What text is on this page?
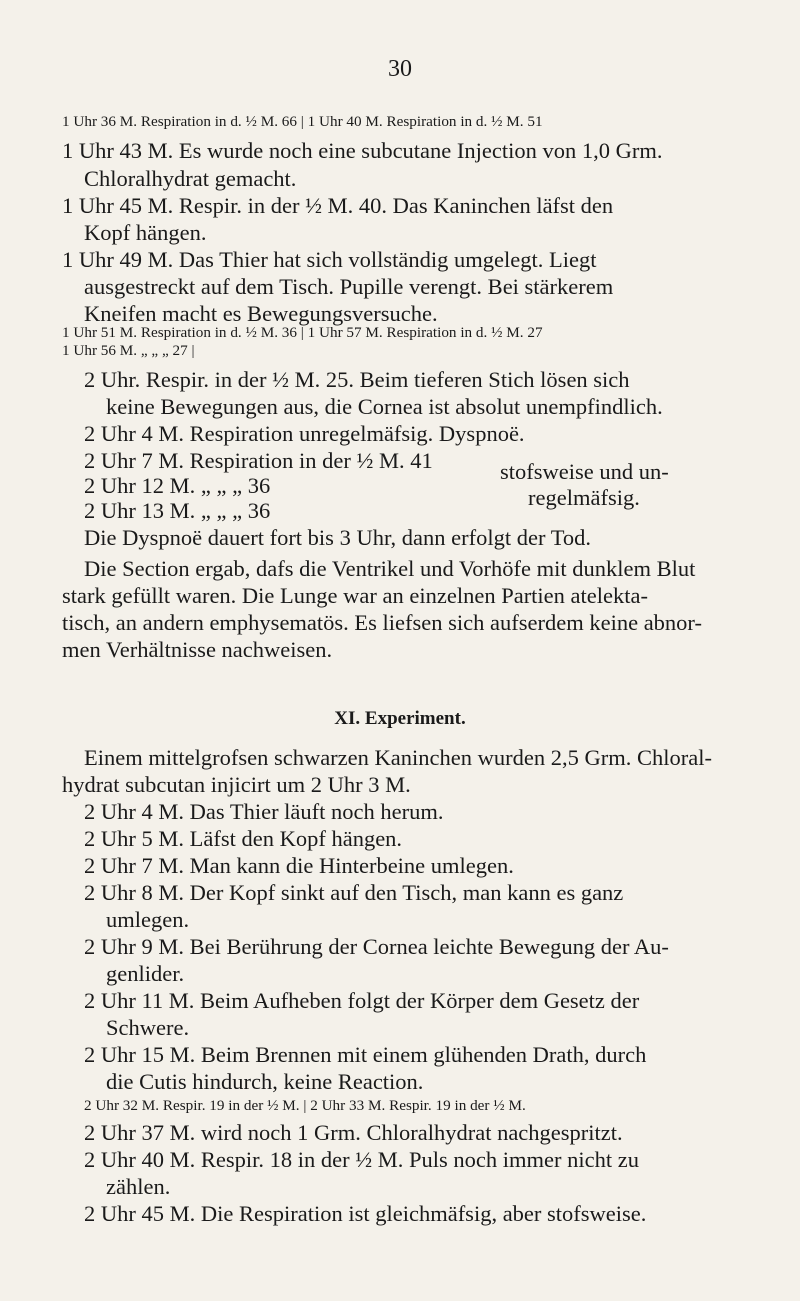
30
1 Uhr 36 M. Respiration in d. ½ M. 66 | 1 Uhr 40 M. Respiration in d. ½ M. 51
1 Uhr 43 M. Es wurde noch eine subcutane Injection von 1,0 Grm.
Chloralhydrat gemacht.
1 Uhr 45 M. Respir. in der ½ M. 40. Das Kaninchen läfst den
Kopf hängen.
1 Uhr 49 M. Das Thier hat sich vollständig umgelegt. Liegt
ausgestreckt auf dem Tisch. Pupille verengt. Bei stärkerem
Kneifen macht es Bewegungsversuche.
1 Uhr 51 M. Respiration in d. ½ M. 36 | 1 Uhr 57 M. Respiration in d. ½ M. 27
1 Uhr 56 M. „ „ „ 27 |
2 Uhr. Respir. in der ½ M. 25. Beim tieferen Stich lösen sich
keine Bewegungen aus, die Cornea ist absolut unempfindlich.
2 Uhr 4 M. Respiration unregelmäfsig. Dyspnoë.
2 Uhr 7 M. Respiration in der ½ M. 41
2 Uhr 12 M. „ „ „ 36
2 Uhr 13 M. „ „ „ 36
stofsweise und un-
regelmäfsig.
Die Dyspnoë dauert fort bis 3 Uhr, dann erfolgt der Tod.
Die Section ergab, dafs die Ventrikel und Vorhöfe mit dunklem Blut
stark gefüllt waren. Die Lunge war an einzelnen Partien atelekta-
tisch, an andern emphysematös. Es liefsen sich aufserdem keine abnor-
men Verhältnisse nachweisen.
XI. Experiment.
Einem mittelgrofsen schwarzen Kaninchen wurden 2,5 Grm. Chloral-
hydrat subcutan injicirt um 2 Uhr 3 M.
2 Uhr 4 M. Das Thier läuft noch herum.
2 Uhr 5 M. Läfst den Kopf hängen.
2 Uhr 7 M. Man kann die Hinterbeine umlegen.
2 Uhr 8 M. Der Kopf sinkt auf den Tisch, man kann es ganz
umlegen.
2 Uhr 9 M. Bei Berührung der Cornea leichte Bewegung der Au-
genlider.
2 Uhr 11 M. Beim Aufheben folgt der Körper dem Gesetz der
Schwere.
2 Uhr 15 M. Beim Brennen mit einem glühenden Drath, durch
die Cutis hindurch, keine Reaction.
2 Uhr 32 M. Respir. 19 in der ½ M. | 2 Uhr 33 M. Respir. 19 in der ½ M.
2 Uhr 37 M. wird noch 1 Grm. Chloralhydrat nachgespritzt.
2 Uhr 40 M. Respir. 18 in der ½ M. Puls noch immer nicht zu
zählen.
2 Uhr 45 M. Die Respiration ist gleichmäfsig, aber stofsweise.
